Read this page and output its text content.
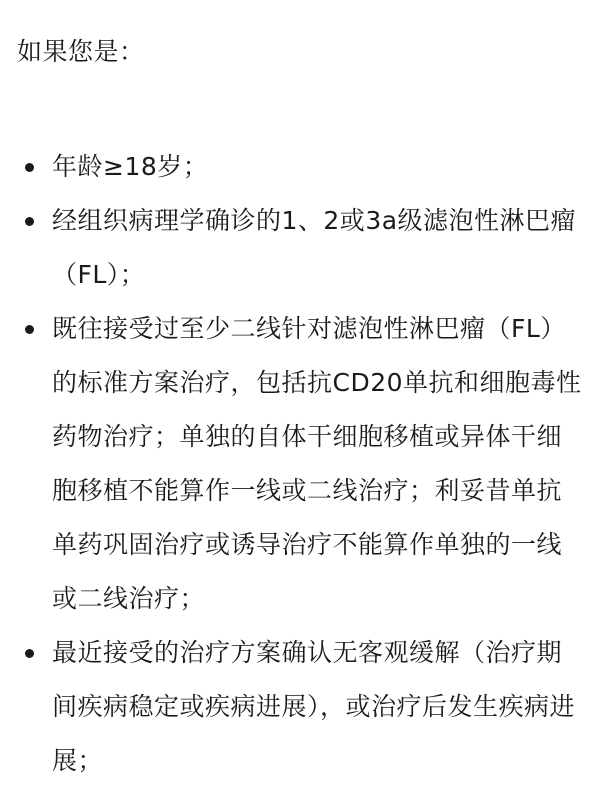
如果您是：
年龄≥18岁；
经组织病理学确诊的1、2或3a级滤泡性淋巴瘤（FL）；
既往接受过至少二线针对滤泡性淋巴瘤（FL）的标准方案治疗，包括抗CD20单抗和细胞毒性药物治疗；单独的自体干细胞移植或异体干细胞移植不能算作一线或二线治疗；利妥昔单抗单药巩固治疗或诱导治疗不能算作单独的一线或二线治疗；
最近接受的治疗方案确认无客观缓解（治疗期间疾病稳定或疾病进展），或治疗后发生疾病进展；
